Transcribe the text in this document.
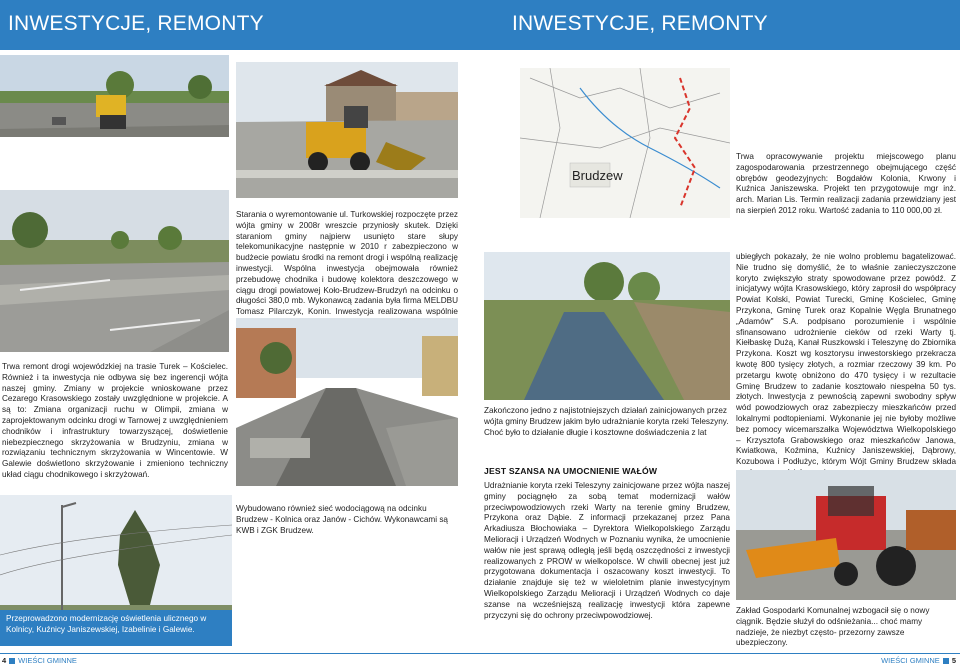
INWESTYCJE, REMONTY

Trwa remont drogi wojewódzkiej na trasie Turek – Kościelec. Również i ta inwestycja nie odbywa się bez ingerencji wójta naszej gminy. Zmiany w projekcie wnioskowane przez Cezarego Krasowskiego zostały uwzględnione w projekcie. A są to: Zmiana organizacji ruchu w Olimpii, zmiana w zaprojektowanym odcinku drogi w Tarnowej z uwzględnieniem chodników i infrastruktury towarzyszącej, doświetlenie niebezpiecznego skrzyżowania w Brudzyniu, zmiana w rozwiązaniu technicznym skrzyżowania w Wincentowie. W Galewie doświetlono skrzyżowanie i zmieniono techniczny układ ciągu chodnikowego i skrzyżowań.

Przeprowadzono modernizację oświetlenia ulicznego w Kolnicy, Kuźnicy Janiszewskiej, Izabelinie i Galewie.

Starania o wyremontowanie ul. Turkowskiej rozpoczęte przez wójta gminy w 2008r wreszcie przyniosły skutek. Dzięki staraniom gminy najpierw usunięto stare słupy telekomunikacyjne następnie w 2010 r zabezpieczono w budżecie powiatu środki na remont drogi i wspólną realizację inwestycji. Wspólna inwestycja obejmowała również przebudowę chodnika i budowę kolektora deszczowego w ciągu drogi powiatowej Koło-Brudzew-Brudzyń na odcinku o długości 380,0 mb. Wykonawcą zadania była firma MELDBU Tomasz Pilarczyk, Konin. Inwestycja realizowana wspólnie

Wybudowano również sieć wodociągową na odcinku Brudzew - Kolnica oraz Janów - Cichów. Wykonawcami są KWB i ZGK Brudzew.

4 WIEŚCI GMINNE
INWESTYCJE, REMONTY
Brudzew

Trwa opracowywanie projektu miejscowego planu zagospodarowania przestrzennego obejmującego część obrębów geodezyjnych: Bogdałów Kolonia, Krwony i Kuźnica Janiszewska. Projekt ten przygotowuje mgr inż. arch. Marian Lis. Termin realizacji zadania przewidziany jest na sierpień 2012 roku. Wartość zadania to 110 000,00 zł.

Zakończono jedno z najistotniejszych działań zainicjowanych przez wójta gminy Brudzew jakim było udrażnianie koryta rzeki Teleszyny. Choć było to działanie długie i kosztowne doświadczenia z lat

ubiegłych pokazały, że nie wolno problemu bagatelizować. Nie trudno się domyślić, że to właśnie zanieczyszczone koryto zwiększyło straty spowodowane przez powódź. Z inicjatywy wójta Krasowskiego, który zaprosił do współpracy Powiat Kolski, Powiat Turecki, Gminę Kościelec, Gminę Przykona, Gminę Turek oraz Kopalnie Węgla Brunatnego „Adamów" S.A. podpisano porozumienie i wspólnie sfinansowano udrożnienie cieków od rzeki Warty tj. Kiełbaskę Dużą, Kanał Ruszkowski i Teleszynę do Zbiornika Przykona. Koszt wg kosztorysu inwestorskiego przekracza kwotę 800 tysięcy złotych, a rozmiar rzeczowy 39 km. Po przetargu kwotę obniżono do 470 tysięcy i w rezultacie Gminę Brudzew to zadanie kosztowało niespełna 50 tys. złotych. Inwestycja z pewnością zapewni swobodny spływ wód powodziowych oraz zabezpieczy mieszkańców przed lokalnymi podtopieniami. Wykonanie jej nie byłoby możliwe bez pomocy wicemarszałka Województwa Wielkopolskiego – Krzysztofa Grabowskiego oraz mieszkańców Janowa, Kwiatkowa, Koźmina, Kuźnicy Janiszewskiej, Dąbrowy, Kozubowa i Podłużyc, którym Wójt Gminy Brudzew składa

JEST SZANSA NA UMOCNIENIE WAŁÓW

Udrażnianie koryta rzeki Teleszyny zainicjowane przez wójta naszej gminy pociągnęło za sobą temat modernizacji wałów przeciwpowodziowych rzeki Warty na terenie gminy Brudzew, Przykona oraz Dąbie. Z informacji przekazanej przez Pana Arkadiusza Błochowiaka – Dyrektora Wielkopolskiego Zarządu Melioracji i Urządzeń Wodnych w Poznaniu wynika, że umocnienie wałów nie jest sprawą odległą jeśli będą oszczędności z inwestycji realizowanych z PROW w wielkopolsce. W chwili obecnej jest już przygotowana dokumentacja i oszacowany koszt inwestycji. To działanie znajduje się też w wieloletnim planie inwestycyjnym Wielkopolskiego Zarządu Melioracji i Urządzeń Wodnych co daje szanse na wcześniejszą realizację inwestycji która zapewne przyczyni się do ochrony przeciwpowodziowej.

Zakład Gospodarki Komunalnej wzbogacił się o nowy ciągnik. Będzie służył do odśnieżania... choć mamy nadzieje, że niezbyt często- przezorny zawsze ubezpieczony.

WIEŚCI GMINNE 5
